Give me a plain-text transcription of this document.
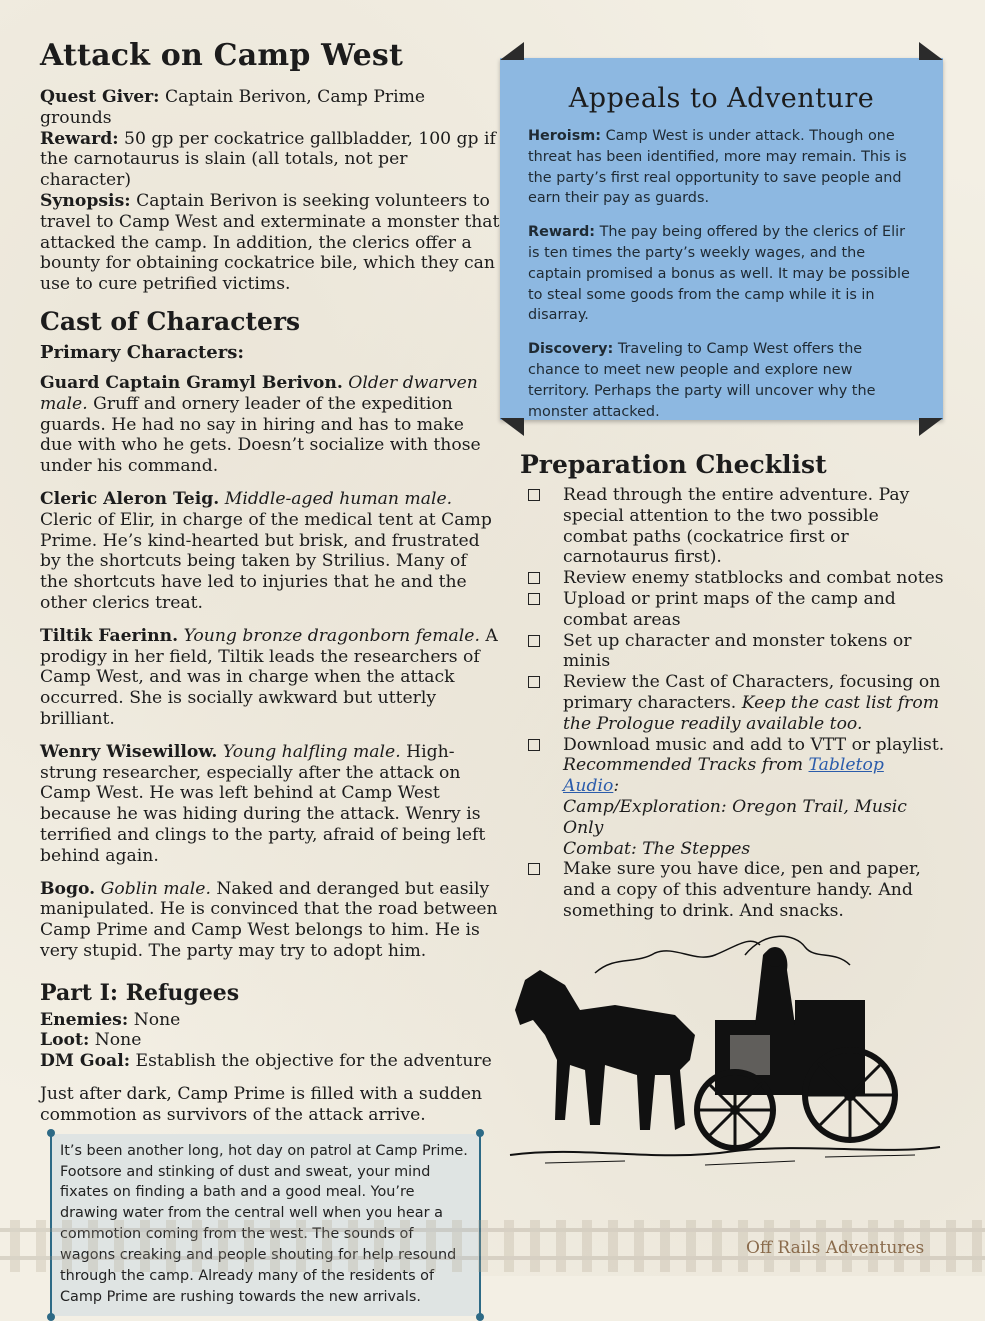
Attack on Camp West
Quest Giver: Captain Berivon, Camp Prime grounds
Reward: 50 gp per cockatrice gallbladder, 100 gp if the carnotaurus is slain (all totals, not per character)
Synopsis: Captain Berivon is seeking volunteers to travel to Camp West and exterminate a monster that attacked the camp. In addition, the clerics offer a bounty for obtaining cockatrice bile, which they can use to cure petrified victims.
Cast of Characters
Primary Characters:

Guard Captain Gramyl Berivon. Older dwarven male. Gruff and ornery leader of the expedition guards. He had no say in hiring and has to make due with who he gets. Doesn’t socialize with those under his command.

Cleric Aleron Teig. Middle-aged human male. Cleric of Elir, in charge of the medical tent at Camp Prime. He’s kind-hearted but brisk, and frustrated by the shortcuts being taken by Strilius. Many of the shortcuts have led to injuries that he and the other clerics treat.

Tiltik Faerinn. Young bronze dragonborn female. A prodigy in her field, Tiltik leads the researchers of Camp West, and was in charge when the attack occurred. She is socially awkward but utterly brilliant.

Wenry Wisewillow. Young halfling male. High-strung researcher, especially after the attack on Camp West. He was left behind at Camp West because he was hiding during the attack. Wenry is terrified and clings to the party, afraid of being left behind again.

Bogo. Goblin male. Naked and deranged but easily manipulated. He is convinced that the road between Camp Prime and Camp West belongs to him. He is very stupid. The party may try to adopt him.

Part I: Refugees
Enemies: None
Loot: None
DM Goal: Establish the objective for the adventure

Just after dark, Camp Prime is filled with a sudden commotion as survivors of the attack arrive.

It’s been another long, hot day on patrol at Camp Prime. Footsore and stinking of dust and sweat, your mind fixates on finding a bath and a good meal. You’re drawing water from the central well when you hear a commotion coming from the west. The sounds of wagons creaking and people shouting for help resound through the camp. Already many of the residents of Camp Prime are rushing towards the new arrivals.
Appeals to Adventure

Heroism: Camp West is under attack. Though one threat has been identified, more may remain. This is the party’s first real opportunity to save people and earn their pay as guards.

Reward: The pay being offered by the clerics of Elir is ten times the party’s weekly wages, and the captain promised a bonus as well. It may be possible to steal some goods from the camp while it is in disarray.

Discovery: Traveling to Camp West offers the chance to meet new people and explore new territory. Perhaps the party will uncover why the monster attacked.

Preparation Checklist
Read through the entire adventure. Pay special attention to the two possible combat paths (cockatrice first or carnotaurus first).
Review enemy statblocks and combat notes
Upload or print maps of the camp and combat areas
Set up character and monster tokens or minis
Review the Cast of Characters, focusing on primary characters. Keep the cast list from the Prologue readily available too.
Download music and add to VTT or playlist.
Recommended Tracks from Tabletop Audio:
Camp/Exploration: Oregon Trail, Music Only
Combat: The Steppes
Make sure you have dice, pen and paper, and a copy of this adventure handy. And something to drink. And snacks.
Off Rails Adventures
